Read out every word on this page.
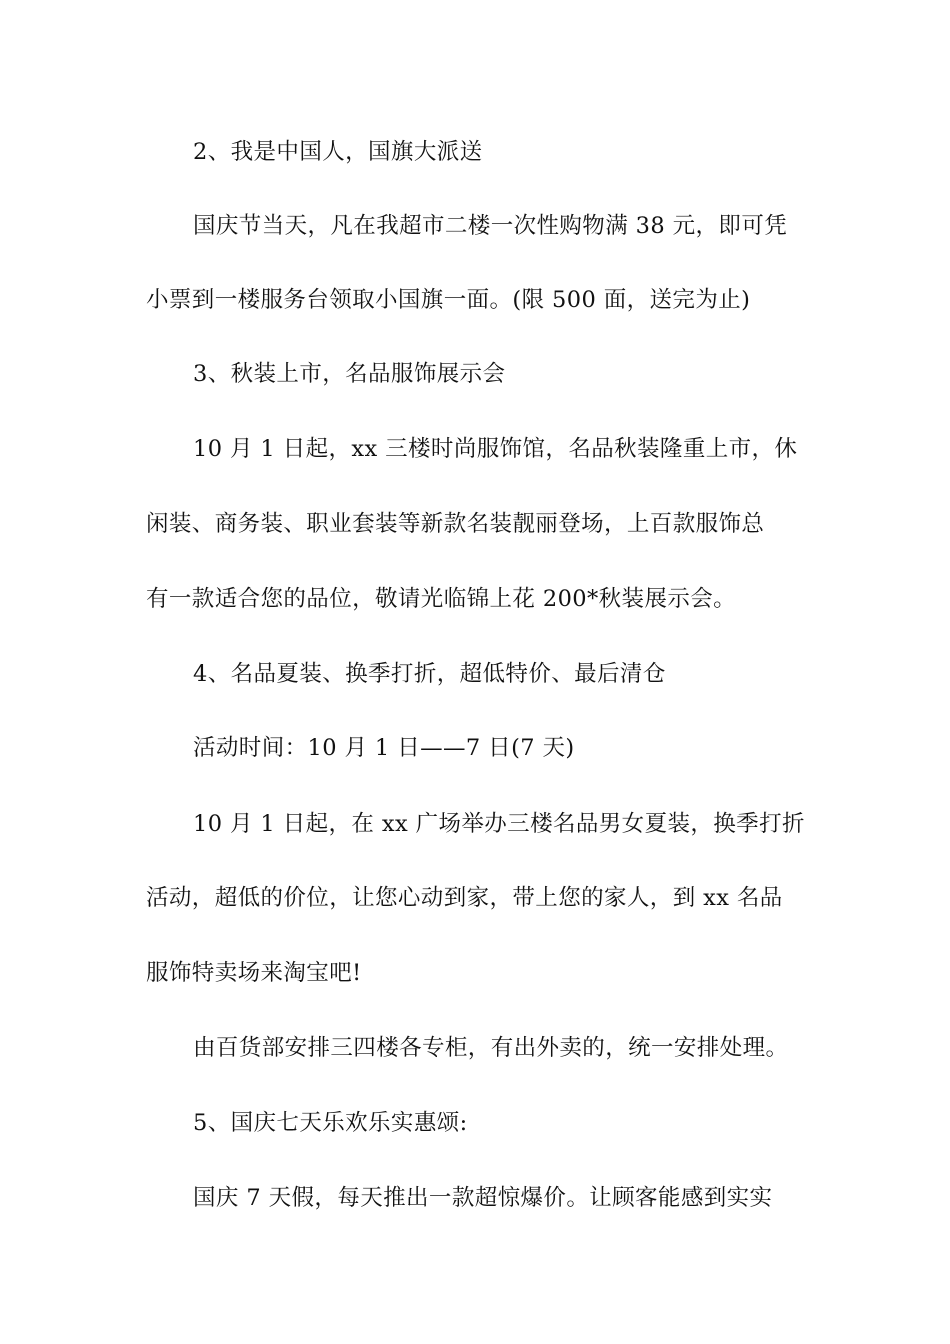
2、我是中国人，国旗大派送
国庆节当天，凡在我超市二楼一次性购物满 38 元，即可凭
小票到一楼服务台领取小国旗一面。(限 500 面，送完为止)
3、秋装上市，名品服饰展示会
10 月 1 日起，xx 三楼时尚服饰馆，名品秋装隆重上市，休
闲装、商务装、职业套装等新款名装靓丽登场，上百款服饰总
有一款适合您的品位，敬请光临锦上花 200*秋装展示会。
4、名品夏装、换季打折，超低特价、最后清仓
活动时间：10 月 1 日——7 日(7 天)
10 月 1 日起，在 xx 广场举办三楼名品男女夏装，换季打折
活动，超低的价位，让您心动到家，带上您的家人，到 xx 名品
服饰特卖场来淘宝吧!
由百货部安排三四楼各专柜，有出外卖的，统一安排处理。
5、国庆七天乐欢乐实惠颂:
国庆 7 天假，每天推出一款超惊爆价。让顾客能感到实实
